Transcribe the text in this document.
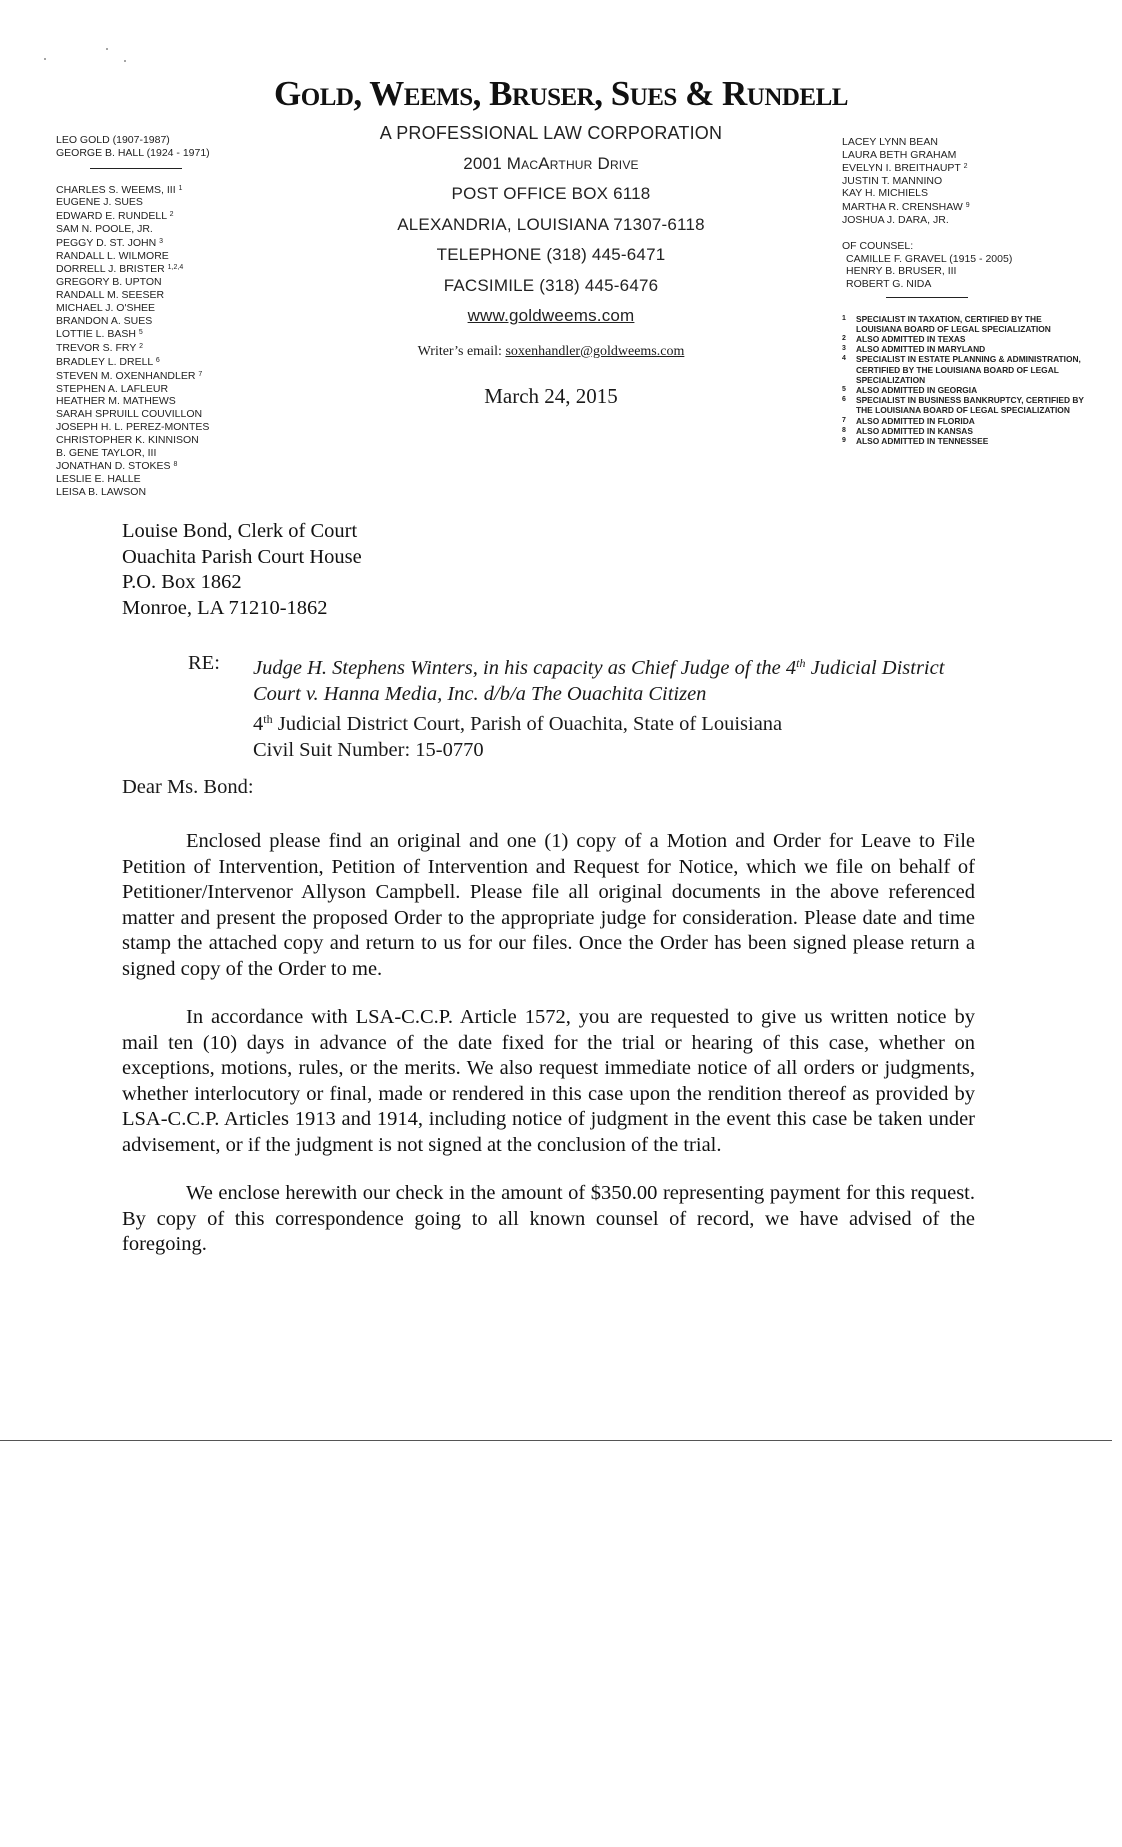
Gold, Weems, Bruser, Sues & Rundell
A PROFESSIONAL LAW CORPORATION
2001 MacArthur Drive
POST OFFICE BOX 6118
ALEXANDRIA, LOUISIANA 71307-6118
TELEPHONE (318) 445-6471
FACSIMILE (318) 445-6476
www.goldweems.com
Writer’s email: soxenhandler@goldweems.com
March 24, 2015
LEO GOLD (1907-1987)
GEORGE B. HALL (1924 - 1971)
CHARLES S. WEEMS, III $^1$
EUGENE J. SUES
EDWARD E. RUNDELL $^2$
SAM N. POOLE, JR.
PEGGY D. ST. JOHN $^3$
RANDALL L. WILMORE
DORRELL J. BRISTER $^{1,2,4}$
GREGORY B. UPTON
RANDALL M. SEESER
MICHAEL J. O'SHEE
BRANDON A. SUES
LOTTIE L. BASH $^5$
TREVOR S. FRY $^2$
BRADLEY L. DRELL $^6$
STEVEN M. OXENHANDLER $^7$
STEPHEN A. LAFLEUR
HEATHER M. MATHEWS
SARAH SPRUILL COUVILLON
JOSEPH H. L. PEREZ-MONTES
CHRISTOPHER K. KINNISON
B. GENE TAYLOR, III
JONATHAN D. STOKES $^8$
LESLIE E. HALLE
LEISA B. LAWSON
LACEY LYNN BEAN
LAURA BETH GRAHAM
EVELYN I. BREITHAUPT $^2$
JUSTIN T. MANNINO
KAY H. MICHIELS
MARTHA R. CRENSHAW $^9$
JOSHUA J. DARA, JR.
OF COUNSEL:
CAMILLE F. GRAVEL (1915 - 2005)
HENRY B. BRUSER, III
ROBERT G. NIDA
1	SPECIALIST IN TAXATION, CERTIFIED BY THE LOUISIANA BOARD OF LEGAL SPECIALIZATION
2	ALSO ADMITTED IN TEXAS
3	ALSO ADMITTED IN MARYLAND
4	SPECIALIST IN ESTATE PLANNING & ADMINISTRATION, CERTIFIED BY THE LOUISIANA BOARD OF LEGAL SPECIALIZATION
5	ALSO ADMITTED IN GEORGIA
6	SPECIALIST IN BUSINESS BANKRUPTCY, CERTIFIED BY THE LOUISIANA BOARD OF LEGAL SPECIALIZATION
7	ALSO ADMITTED IN FLORIDA
8	ALSO ADMITTED IN KANSAS
9	ALSO ADMITTED IN TENNESSEE
Louise Bond, Clerk of Court
Ouachita Parish Court House
P.O. Box 1862
Monroe, LA 71210-1862
RE: Judge H. Stephens Winters, in his capacity as Chief Judge of the 4th Judicial District Court v. Hanna Media, Inc. d/b/a The Ouachita Citizen
4th Judicial District Court, Parish of Ouachita, State of Louisiana
Civil Suit Number: 15-0770
Dear Ms. Bond:
Enclosed please find an original and one (1) copy of a Motion and Order for Leave to File Petition of Intervention, Petition of Intervention and Request for Notice, which we file on behalf of Petitioner/Intervenor Allyson Campbell. Please file all original documents in the above referenced matter and present the proposed Order to the appropriate judge for consideration. Please date and time stamp the attached copy and return to us for our files. Once the Order has been signed please return a signed copy of the Order to me.
In accordance with LSA-C.C.P. Article 1572, you are requested to give us written notice by mail ten (10) days in advance of the date fixed for the trial or hearing of this case, whether on exceptions, motions, rules, or the merits. We also request immediate notice of all orders or judgments, whether interlocutory or final, made or rendered in this case upon the rendition thereof as provided by LSA-C.C.P. Articles 1913 and 1914, including notice of judgment in the event this case be taken under advisement, or if the judgment is not signed at the conclusion of the trial.
We enclose herewith our check in the amount of $350.00 representing payment for this request. By copy of this correspondence going to all known counsel of record, we have advised of the foregoing.
